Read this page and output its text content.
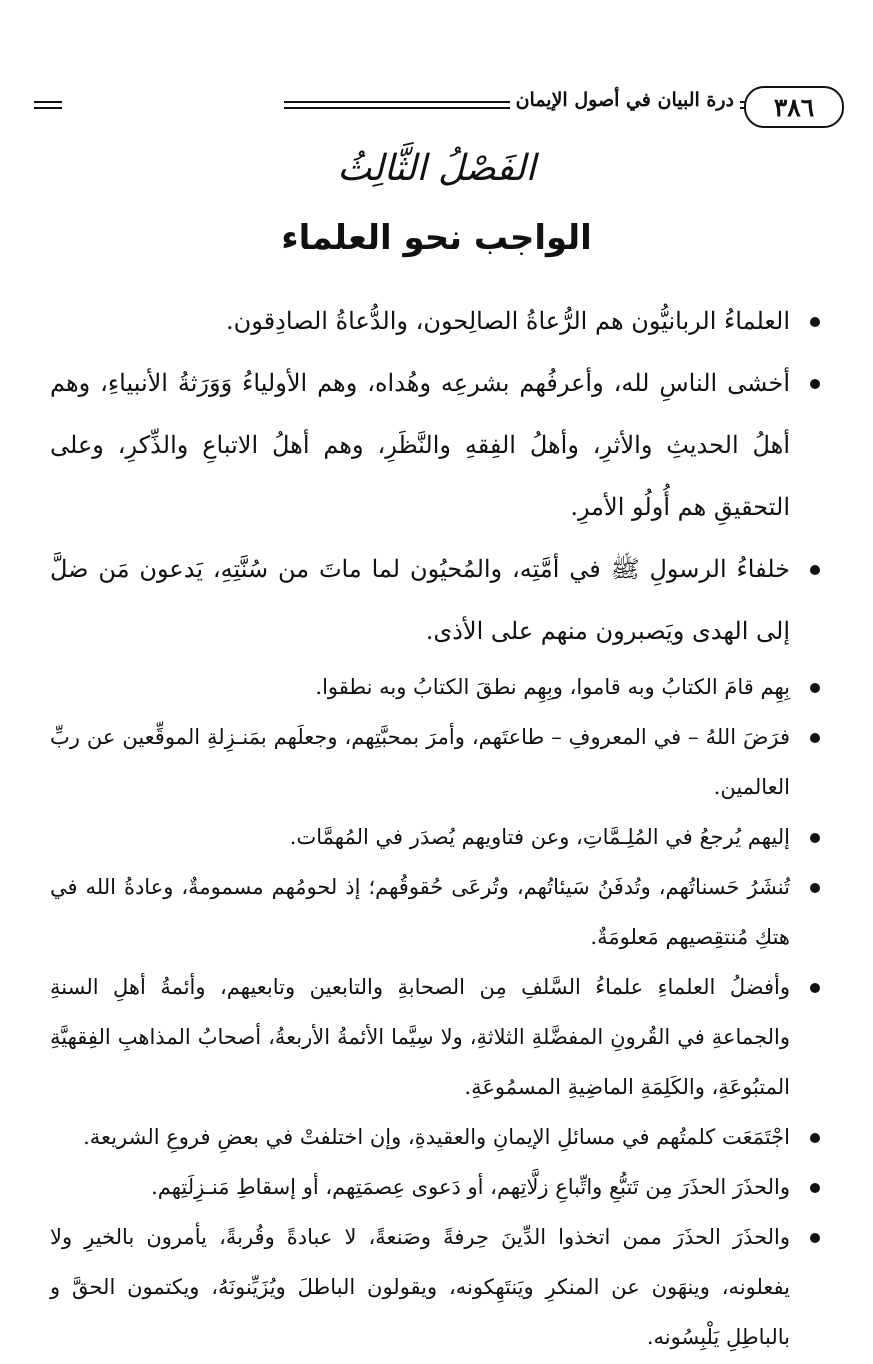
درة البيان في أصول الإيمان	٣٨٦
الفَصْلُ الثَّالِثُ
الواجب نحو العلماء
العلماءُ الربانيُّون هم الرُّعاةُ الصالِحون، والدُّعاةُ الصادِقون.
أخشى الناسِ لله، وأعرفُهم بشرعِه وهُداه، وهم الأولياءُ وَوَرَثةُ الأنبياءِ، وهم أهلُ الحديثِ والأثرِ، وأهلُ الفِقهِ والنَّظَرِ، وهم أهلُ الاتباعِ والذِّكرِ، وعلى التحقيقِ هم أُولُو الأمرِ.
خلفاءُ الرسولِ ﷺ في أمَّتِه، والمُحيُون لما ماتَ من سُنَّتِهِ، يَدعون مَن ضلَّ إلى الهدى ويَصبرون منهم على الأذى.
بِهِم قامَ الكتابُ وبه قاموا، وبِهِم نطقَ الكتابُ وبه نطقوا.
فرَضَ اللهُ – في المعروفِ – طاعتَهم، وأمرَ بمحبَّتِهم، وجعلَهم بمَنـزِلةِ الموقِّعين عن ربِّ العالمين.
إليهم يُرجعُ في المُلِـمَّاتِ، وعن فتاويهم يُصدَر في المُهمَّات.
تُنشَرُ حَسناتُهم، وتُدفَنُ سَيئاتُهم، وتُرعَى حُقوقُهم؛ إذ لحومُهم مسمومةٌ، وعادةُ الله في هتكِ مُنتقِصيهم مَعلومَةٌ.
وأفضلُ العلماءِ علماءُ السَّلفِ مِن الصحابةِ والتابعين وتابعيهم، وأئمةُ أهلِ السنةِ والجماعةِ في القُرونِ المفضَّلةِ الثلاثةِ، ولا سِيَّما الأئمةُ الأربعةُ، أصحابُ المذاهبِ الفِقهيَّةِ المتبُوعَةِ، والكَلِمَةِ الماضِيةِ المسمُوعَةِ.
اجْتَمَعَت كلمتُهم في مسائلِ الإيمانِ والعقيدةِ، وإن اختلفتْ في بعضِ فروعِ الشريعة.
والحذَرَ الحذَرَ مِن تَتبُّعِ واتِّباعِ زلَّاتِهم، أو دَعوى عِصمَتِهم، أو إسقاطِ مَنـزِلَتِهم.
والحذَرَ الحذَرَ ممن اتخذوا الدِّينَ حِرفةً وصَنعةً، لا عبادةً وقُربةً، يأمرون بالخيرِ ولا يفعلونه، وينهَون عن المنكرِ ويَنتَهِكونه، ويقولون الباطلَ ويُزَيِّنونَهُ، ويكتمون الحقَّ و بالباطِلِ يَلْبِسُونه.
